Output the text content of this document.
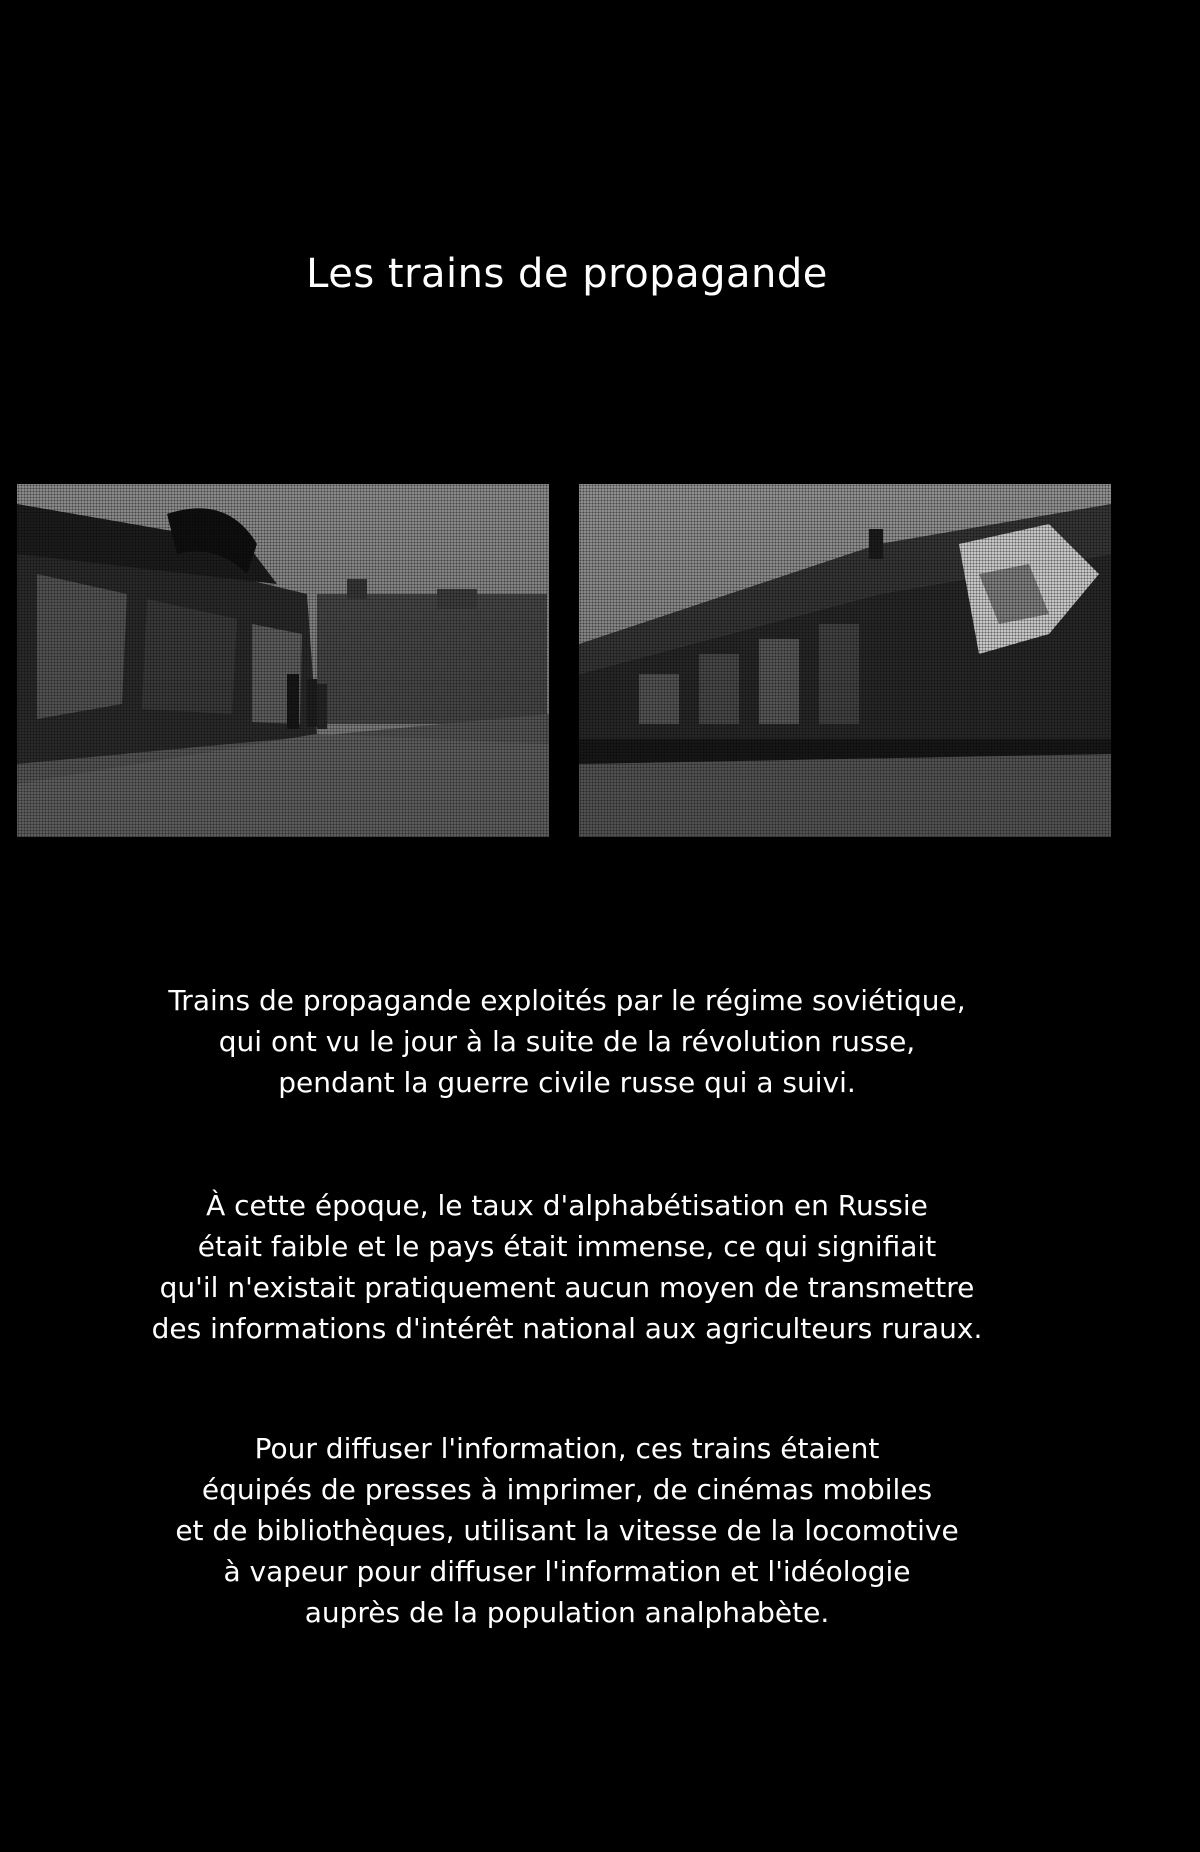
Les trains de propagande

Trains de propagande exploités par le régime soviétique,
qui ont vu le jour à la suite de la révolution russe,
pendant la guerre civile russe qui a suivi.

À cette époque, le taux d'alphabétisation en Russie
était faible et le pays était immense, ce qui signifiait
qu'il n'existait pratiquement aucun moyen de transmettre
des informations d'intérêt national aux agriculteurs ruraux.

Pour diffuser l'information, ces trains étaient
équipés de presses à imprimer, de cinémas mobiles
et de bibliothèques, utilisant la vitesse de la locomotive
à vapeur pour diffuser l'information et l'idéologie
auprès de la population analphabète.
